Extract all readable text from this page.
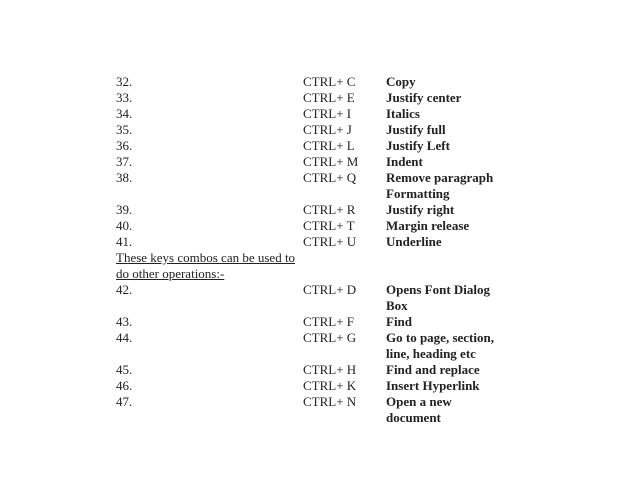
32.	CTRL+ C Copy
33.	CTRL+ E Justify center
34.	CTRL+ I	Italics
35.	CTRL+ J	Justify full
36.	CTRL+ L Justify Left
37.	CTRL+ M Indent
38.	CTRL+ Q Remove paragraph Formatting
39.	CTRL+ R Justify right
40.	CTRL+ T Margin release
41.	CTRL+ U Underline
These keys combos can be used to
do other operations:-
42.	CTRL+ D Opens Font Dialog Box
43.	CTRL+ F Find
44.	CTRL+ G Go to page, section, line, heading etc
45.	CTRL+ H Find and replace
46.	CTRL+ K Insert Hyperlink
47.	CTRL+ N Open a new document
